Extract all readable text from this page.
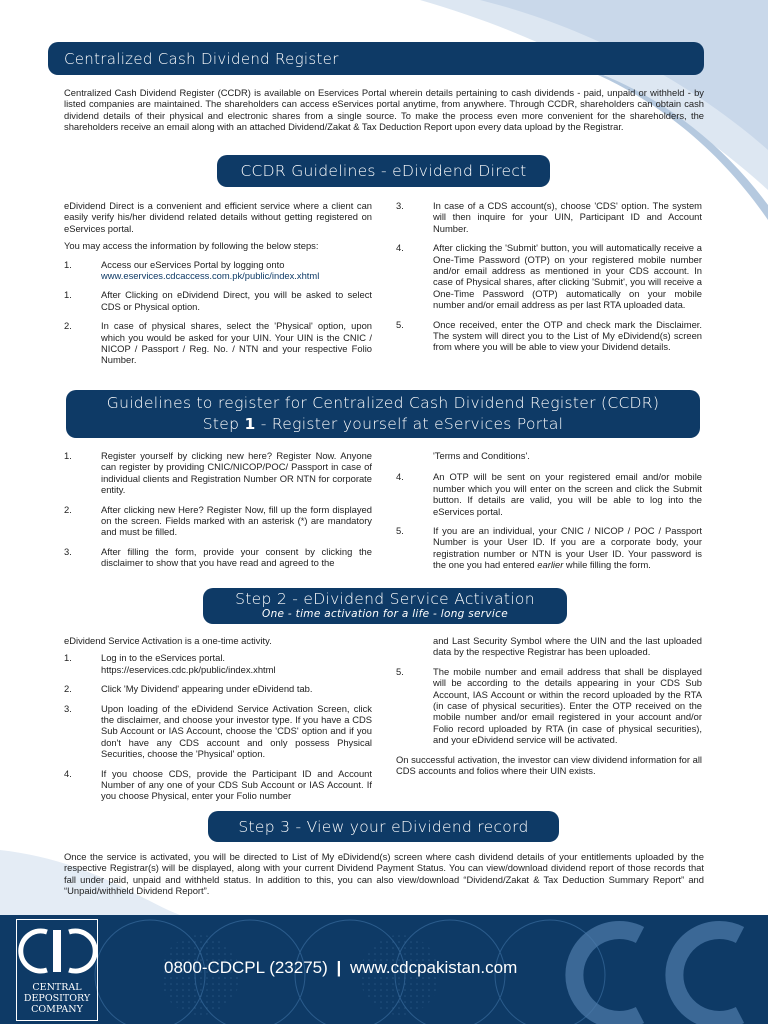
Centralized Cash Dividend Register

Centralized Cash Dividend Register (CCDR) is available on Eservices Portal wherein details pertaining to cash dividends - paid, unpaid or withheld - by listed companies are maintained. The shareholders can access eServices portal anytime, from anywhere. Through CCDR, shareholders can obtain cash dividend details of their physical and electronic shares from a single source. To make the process even more convenient for the shareholders, the shareholders receive an email along with an attached Dividend/Zakat & Tax Deduction Report upon every data upload by the Registrar.

CCDR Guidelines - eDividend Direct

eDividend Direct is a convenient and efficient service where a client can easily verify his/her dividend related details without getting registered on eServices portal.

You may access the information by following the below steps:

1.	Access our eServices Portal by logging onto
www.eservices.cdcaccess.com.pk/public/index.xhtml
1.	After Clicking on eDividend Direct, you will be asked to select CDS or Physical option.
2.	In case of physical shares, select the 'Physical' option, upon which you would be asked for your UIN. Your UIN is the CNIC / NICOP / Passport / Reg. No. / NTN and your respective Folio Number.
3.	In case of a CDS account(s), choose 'CDS' option. The system will then inquire for your UIN, Participant ID and Account Number.
4.	After clicking the 'Submit' button, you will automatically receive a One-Time Password (OTP) on your registered mobile number and/or email address as mentioned in your CDS account. In case of Physical shares, after clicking 'Submit', you will receive a One-Time Password (OTP) automatically on your mobile number and/or email address as per last RTA uploaded data.
5.	Once received, enter the OTP and check mark the Disclaimer. The system will direct you to the List of My eDividend(s) screen from where you will be able to view your Dividend details.
Guidelines to register for Centralized Cash Dividend Register (CCDR)
Step 1 - Register yourself at eServices Portal
1.	Register yourself by clicking new here? Register Now. Anyone can register by providing CNIC/NICOP/POC/ Passport in case of individual clients and Registration Number OR NTN for corporate entity.
2.	After clicking new Here? Register Now, fill up the form displayed on the screen. Fields marked with an asterisk (*) are mandatory and must be filled.
3.	After filling the form, provide your consent by clicking the disclaimer to show that you have read and agreed to the

'Terms and Conditions'.

4.	An OTP will be sent on your registered email and/or mobile number which you will enter on the screen and click the Submit button. If details are valid, you will be able to log into the eServices portal.
5.	If you are an individual, your CNIC / NICOP / POC / Passport Number is your User ID. If you are a corporate body, your registration number or NTN is your User ID. Your password is the one you had entered earlier while filling the form.
Step 2 - eDividend Service Activation
One - time activation for a life - long service

eDividend Service Activation is a one-time activity.

1.	Log in to the eServices portal.
https://eservices.cdc.pk/public/index.xhtml
2.	Click 'My Dividend' appearing under eDividend tab.
3.	Upon loading of the eDividend Service Activation Screen, click the disclaimer, and choose your investor type. If you have a CDS Sub Account or IAS Account, choose the 'CDS' option and if you don't have any CDS account and only possess Physical Securities, choose the 'Physical' option.
4.	If you choose CDS, provide the Participant ID and Account Number of any one of your CDS Sub Account or IAS Account. If you choose Physical, enter your Folio number

and Last Security Symbol where the UIN and the last uploaded data by the respective Registrar has been uploaded.

5.	The mobile number and email address that shall be displayed will be according to the details appearing in your CDS Sub Account, IAS Account or within the record uploaded by the RTA (in case of physical securities). Enter the OTP received on the mobile number and/or email registered in your account and/or Folio record uploaded by RTA (in case of physical securities), and your eDividend service will be activated.

On successful activation, the investor can view dividend information for all CDS accounts and folios where their UIN exists.

Step 3 - View your eDividend record

Once the service is activated, you will be directed to List of My eDividend(s) screen where cash dividend details of your entitlements uploaded by the respective Registrar(s) will be displayed, along with your current Dividend Payment Status. You can view/download dividend report of those records that fall under paid, unpaid and withheld status. In addition to this, you can also view/download “Dividend/Zakat & Tax Deduction Summary Report” and “Unpaid/withheld Dividend Report”.

CENTRAL
DEPOSITORY
COMPANY
0800-CDCPL (23275) | www.cdcpakistan.com
